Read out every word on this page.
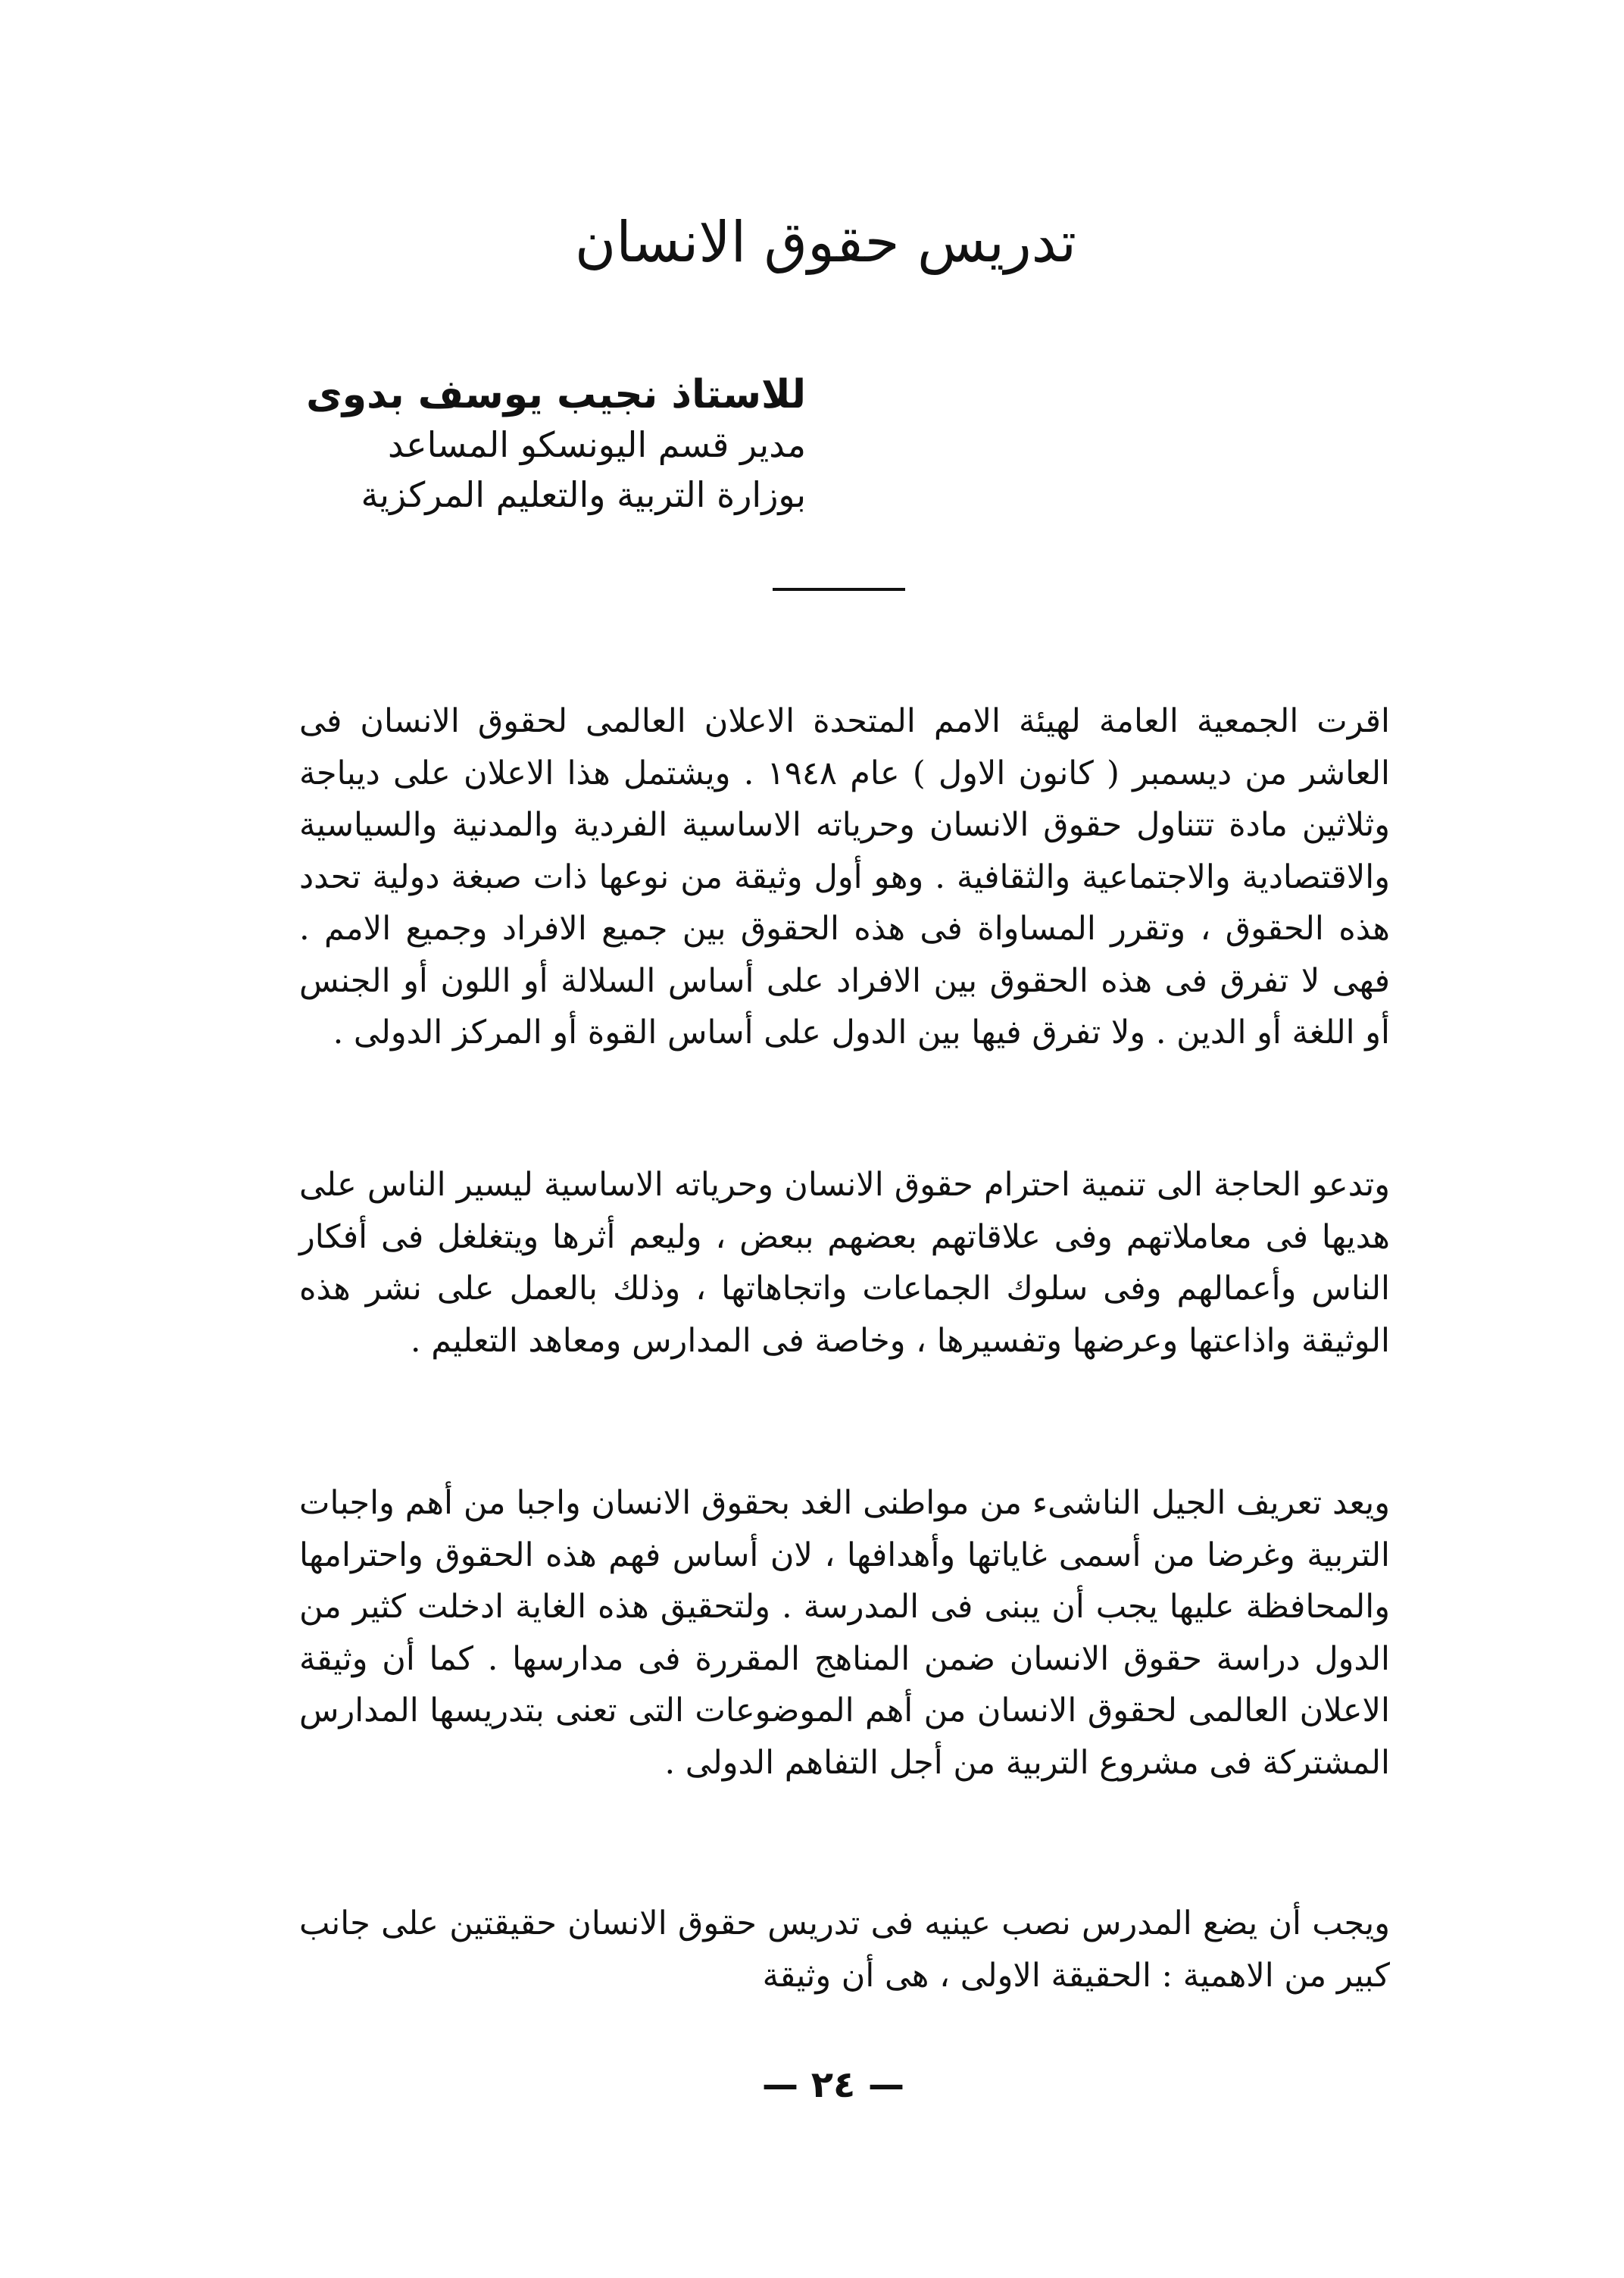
تدريس حقوق الانسان
للاستاذ نجيب يوسف بدوى
مدير قسم اليونسكو المساعد
بوزارة التربية والتعليم المركزية

اقرت الجمعية العامة لهيئة الامم المتحدة الاعلان العالمى لحقوق الانسان فى العاشر من ديسمبر ( كانون الاول ) عام ١٩٤٨ . ويشتمل هذا الاعلان على ديباجة وثلاثين مادة تتناول حقوق الانسان وحرياته الاساسية الفردية والمدنية والسياسية والاقتصادية والاجتماعية والثقافية . وهو أول وثيقة من نوعها ذات صبغة دولية تحدد هذه الحقوق ، وتقرر المساواة فى هذه الحقوق بين جميع الافراد وجميع الامم . فهى لا تفرق فى هذه الحقوق بين الافراد على أساس السلالة أو اللون أو الجنس أو اللغة أو الدين . ولا تفرق فيها بين الدول على أساس القوة أو المركز الدولى .

وتدعو الحاجة الى تنمية احترام حقوق الانسان وحرياته الاساسية ليسير الناس على هديها فى معاملاتهم وفى علاقاتهم بعضهم ببعض ، وليعم أثرها ويتغلغل فى أفكار الناس وأعمالهم وفى سلوك الجماعات واتجاهاتها ، وذلك بالعمل على نشر هذه الوثيقة واذاعتها وعرضها وتفسيرها ، وخاصة فى المدارس ومعاهد التعليم .

ويعد تعريف الجيل الناشىء من مواطنى الغد بحقوق الانسان واجبا من أهم واجبات التربية وغرضا من أسمى غاياتها وأهدافها ، لان أساس فهم هذه الحقوق واحترامها والمحافظة عليها يجب أن يبنى فى المدرسة . ولتحقيق هذه الغاية ادخلت كثير من الدول دراسة حقوق الانسان ضمن المناهج المقررة فى مدارسها . كما أن وثيقة الاعلان العالمى لحقوق الانسان من أهم الموضوعات التى تعنى بتدريسها المدارس المشتركة فى مشروع التربية من أجل التفاهم الدولى .

ويجب أن يضع المدرس نصب عينيه فى تدريس حقوق الانسان حقيقتين على جانب كبير من الاهمية : الحقيقة الاولى ، هى أن وثيقة

— ٢٤ —
